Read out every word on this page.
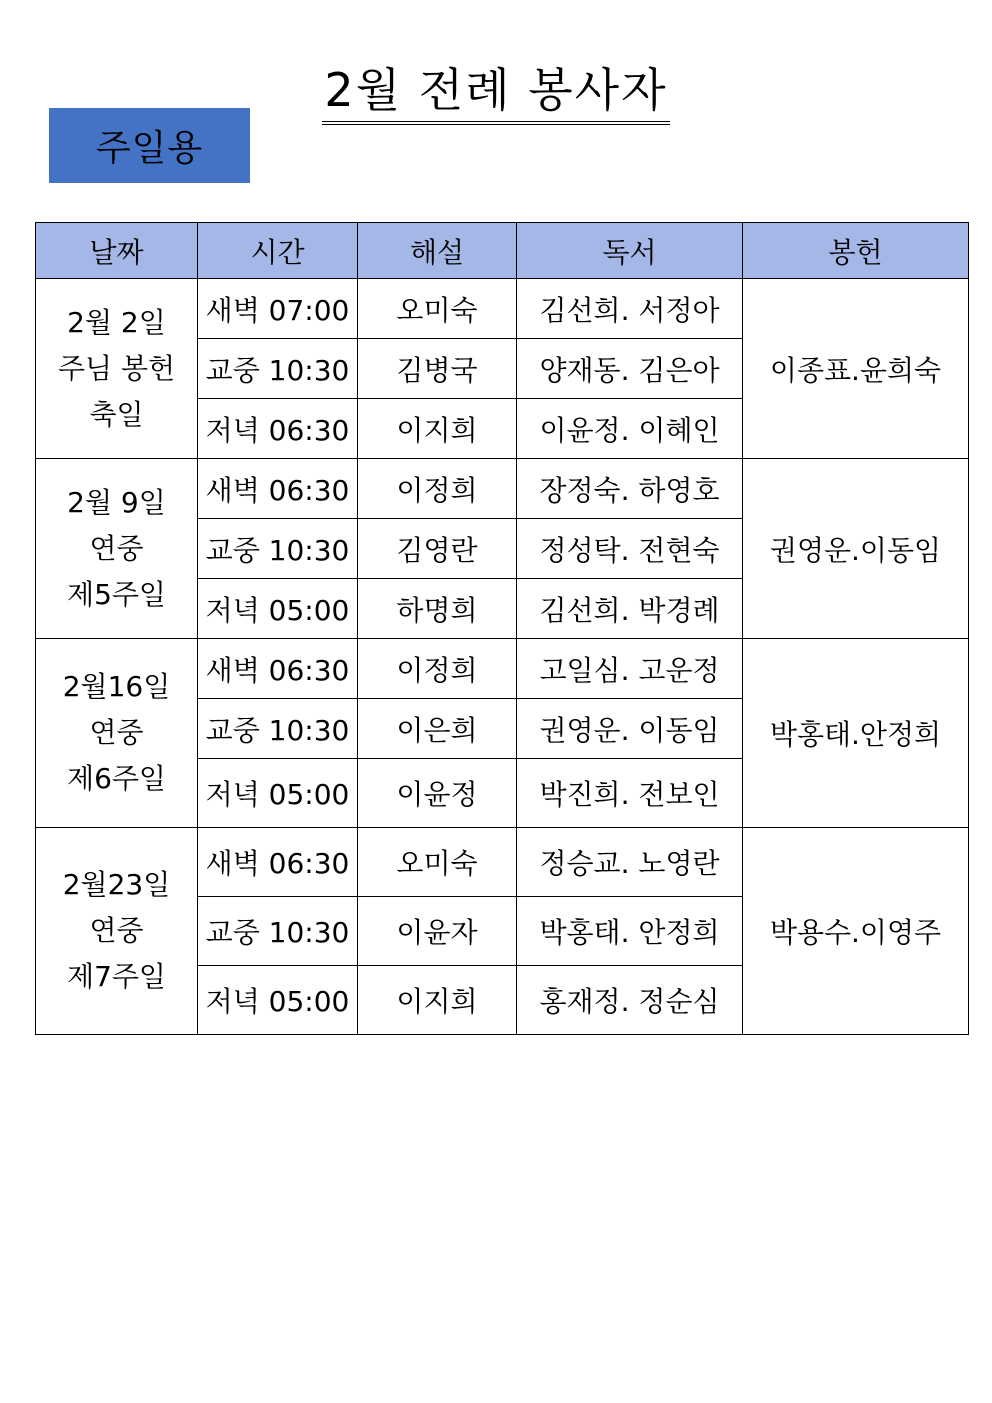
2월 전례 봉사자
주일용
날짜	시간	해설	독서	봉헌

2월 2일
주님 봉헌
축일	새벽 07:00	오미숙	김선희. 서정아	이종표.윤희숙
	교중 10:30	김병국	양재동. 김은아	
	저녁 06:30	이지희	이윤정. 이혜인	

2월 9일
연중
제5주일	새벽 06:30	이정희	장정숙. 하영호	권영운.이동임
	교중 10:30	김영란	정성탁. 전현숙	
	저녁 05:00	하명희	김선희. 박경례	

2월16일
연중
제6주일	새벽 06:30	이정희	고일심. 고운정	박홍태.안정희
	교중 10:30	이은희	권영운. 이동임	
	저녁 05:00	이윤정	박진희. 전보인	

2월23일
연중
제7주일	새벽 06:30	오미숙	정승교. 노영란	박용수.이영주
	교중 10:30	이윤자	박홍태. 안정희	
	저녁 05:00	이지희	홍재정. 정순심	
